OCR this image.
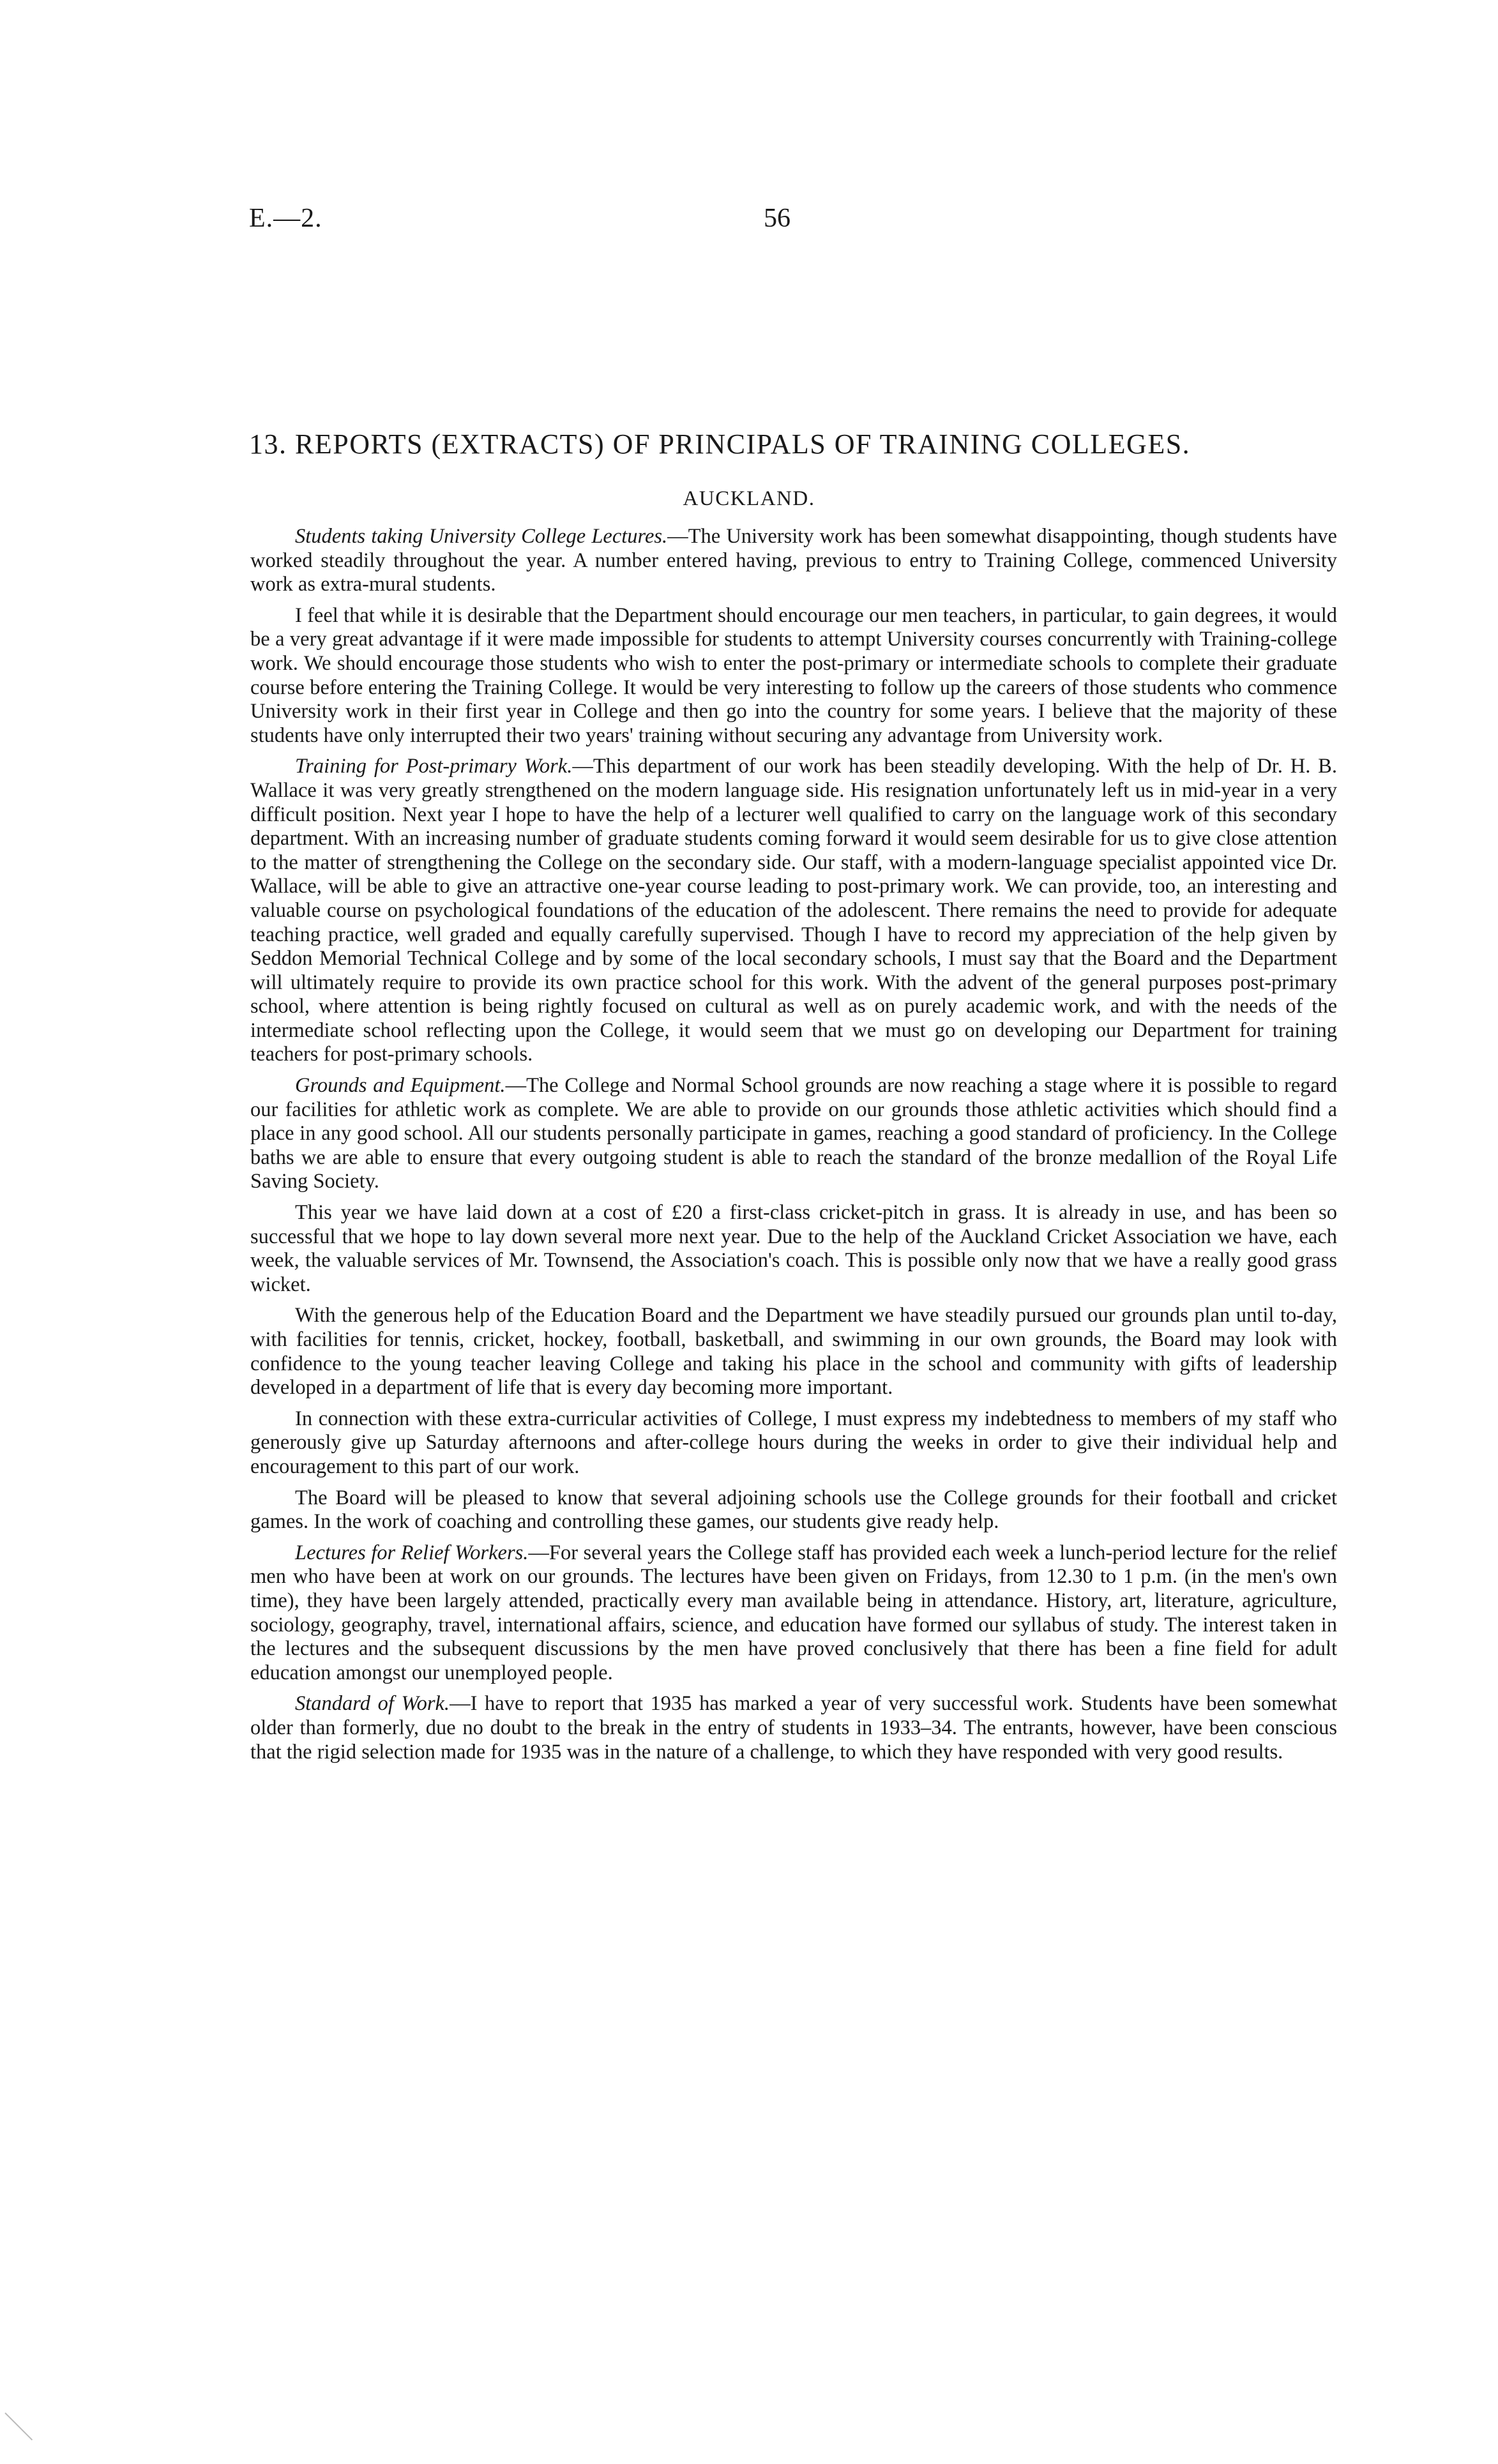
E.—2.	56
13. REPORTS (EXTRACTS) OF PRINCIPALS OF TRAINING COLLEGES.
AUCKLAND.

Students taking University College Lectures.—The University work has been somewhat disappointing, though students have worked steadily throughout the year. A number entered having, previous to entry to Training College, commenced University work as extra-mural students.

I feel that while it is desirable that the Department should encourage our men teachers, in particular, to gain degrees, it would be a very great advantage if it were made impossible for students to attempt University courses concurrently with Training-college work. We should encourage those students who wish to enter the post-primary or intermediate schools to complete their graduate course before entering the Training College. It would be very interesting to follow up the careers of those students who commence University work in their first year in College and then go into the country for some years. I believe that the majority of these students have only interrupted their two years' training without securing any advantage from University work.

Training for Post-primary Work.—This department of our work has been steadily developing. With the help of Dr. H. B. Wallace it was very greatly strengthened on the modern language side. His resignation unfortunately left us in mid-year in a very difficult position. Next year I hope to have the help of a lecturer well qualified to carry on the language work of this secondary department. With an increasing number of graduate students coming forward it would seem desirable for us to give close attention to the matter of strengthening the College on the secondary side. Our staff, with a modern-language specialist appointed vice Dr. Wallace, will be able to give an attractive one-year course leading to post-primary work. We can provide, too, an interesting and valuable course on psychological foundations of the education of the adolescent. There remains the need to provide for adequate teaching practice, well graded and equally carefully supervised. Though I have to record my appreciation of the help given by Seddon Memorial Technical College and by some of the local secondary schools, I must say that the Board and the Department will ultimately require to provide its own practice school for this work. With the advent of the general purposes post-primary school, where attention is being rightly focused on cultural as well as on purely academic work, and with the needs of the intermediate school reflecting upon the College, it would seem that we must go on developing our Department for training teachers for post-primary schools.

Grounds and Equipment.—The College and Normal School grounds are now reaching a stage where it is possible to regard our facilities for athletic work as complete. We are able to provide on our grounds those athletic activities which should find a place in any good school. All our students personally participate in games, reaching a good standard of proficiency. In the College baths we are able to ensure that every outgoing student is able to reach the standard of the bronze medallion of the Royal Life Saving Society.

This year we have laid down at a cost of £20 a first-class cricket-pitch in grass. It is already in use, and has been so successful that we hope to lay down several more next year. Due to the help of the Auckland Cricket Association we have, each week, the valuable services of Mr. Townsend, the Association's coach. This is possible only now that we have a really good grass wicket.

With the generous help of the Education Board and the Department we have steadily pursued our grounds plan until to-day, with facilities for tennis, cricket, hockey, football, basketball, and swimming in our own grounds, the Board may look with confidence to the young teacher leaving College and taking his place in the school and community with gifts of leadership developed in a department of life that is every day becoming more important.

In connection with these extra-curricular activities of College, I must express my indebtedness to members of my staff who generously give up Saturday afternoons and after-college hours during the weeks in order to give their individual help and encouragement to this part of our work.

The Board will be pleased to know that several adjoining schools use the College grounds for their football and cricket games. In the work of coaching and controlling these games, our students give ready help.

Lectures for Relief Workers.—For several years the College staff has provided each week a lunch-period lecture for the relief men who have been at work on our grounds. The lectures have been given on Fridays, from 12.30 to 1 p.m. (in the men's own time), they have been largely attended, practically every man available being in attendance. History, art, literature, agriculture, sociology, geography, travel, international affairs, science, and education have formed our syllabus of study. The interest taken in the lectures and the subsequent discussions by the men have proved conclusively that there has been a fine field for adult education amongst our unemployed people.

Standard of Work.—I have to report that 1935 has marked a year of very successful work. Students have been somewhat older than formerly, due no doubt to the break in the entry of students in 1933–34. The entrants, however, have been conscious that the rigid selection made for 1935 was in the nature of a challenge, to which they have responded with very good results.
